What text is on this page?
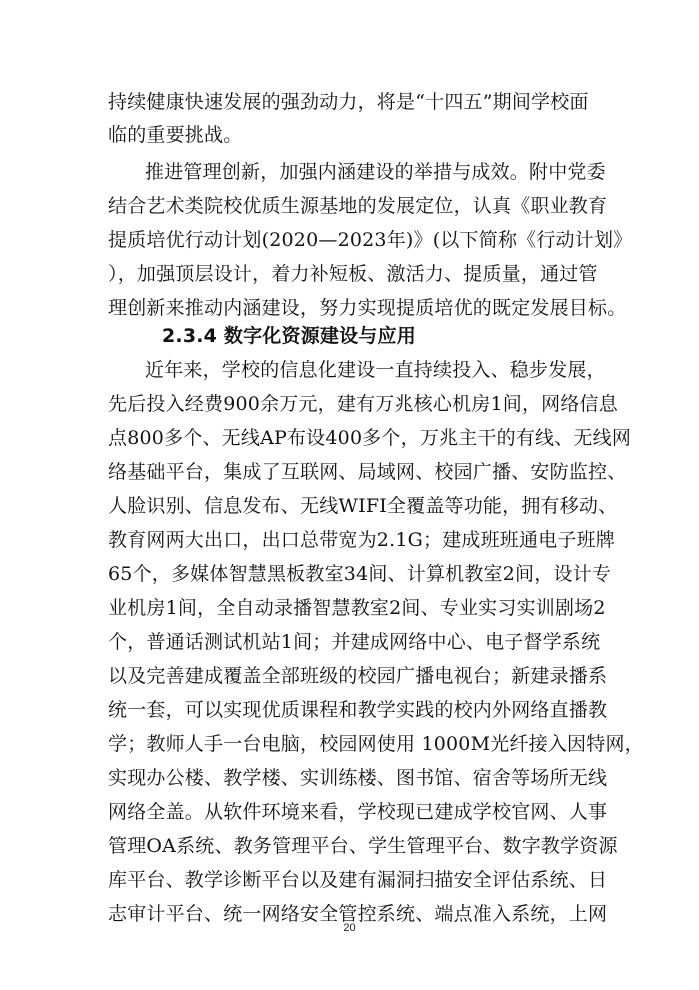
持续健康快速发展的强劲动力，将是“十四五”期间学校面
临的重要挑战。
推进管理创新，加强内涵建设的举措与成效。附中党委
结合艺术类院校优质生源基地的发展定位，认真《职业教育
提质培优行动计划(2020—2023年)》(以下简称《行动计划》
），加强顶层设计，着力补短板、激活力、提质量，通过管
理创新来推动内涵建设，努力实现提质培优的既定发展目标。
2.3.4 数字化资源建设与应用
近年来，学校的信息化建设一直持续投入、稳步发展，
先后投入经费900余万元，建有万兆核心机房1间，网络信息
点800多个、无线AP布设400多个，万兆主干的有线、无线网
络基础平台，集成了互联网、局域网、校园广播、安防监控、
人脸识别、信息发布、无线WIFI全覆盖等功能，拥有移动、
教育网两大出口，出口总带宽为2.1G；建成班班通电子班牌
65个，多媒体智慧黑板教室34间、计算机教室2间，设计专
业机房1间，全自动录播智慧教室2间、专业实习实训剧场2
个，普通话测试机站1间；并建成网络中心、电子督学系统
以及完善建成覆盖全部班级的校园广播电视台；新建录播系
统一套，可以实现优质课程和教学实践的校内外网络直播教
学；教师人手一台电脑，校园网使用 1000M光纤接入因特网，
实现办公楼、教学楼、实训练楼、图书馆、宿舍等场所无线
网络全盖。从软件环境来看，学校现已建成学校官网、人事
管理OA系统、教务管理平台、学生管理平台、数字教学资源
库平台、教学诊断平台以及建有漏洞扫描安全评估系统、日
志审计平台、统一网络安全管控系统、端点准入系统，上网
20
